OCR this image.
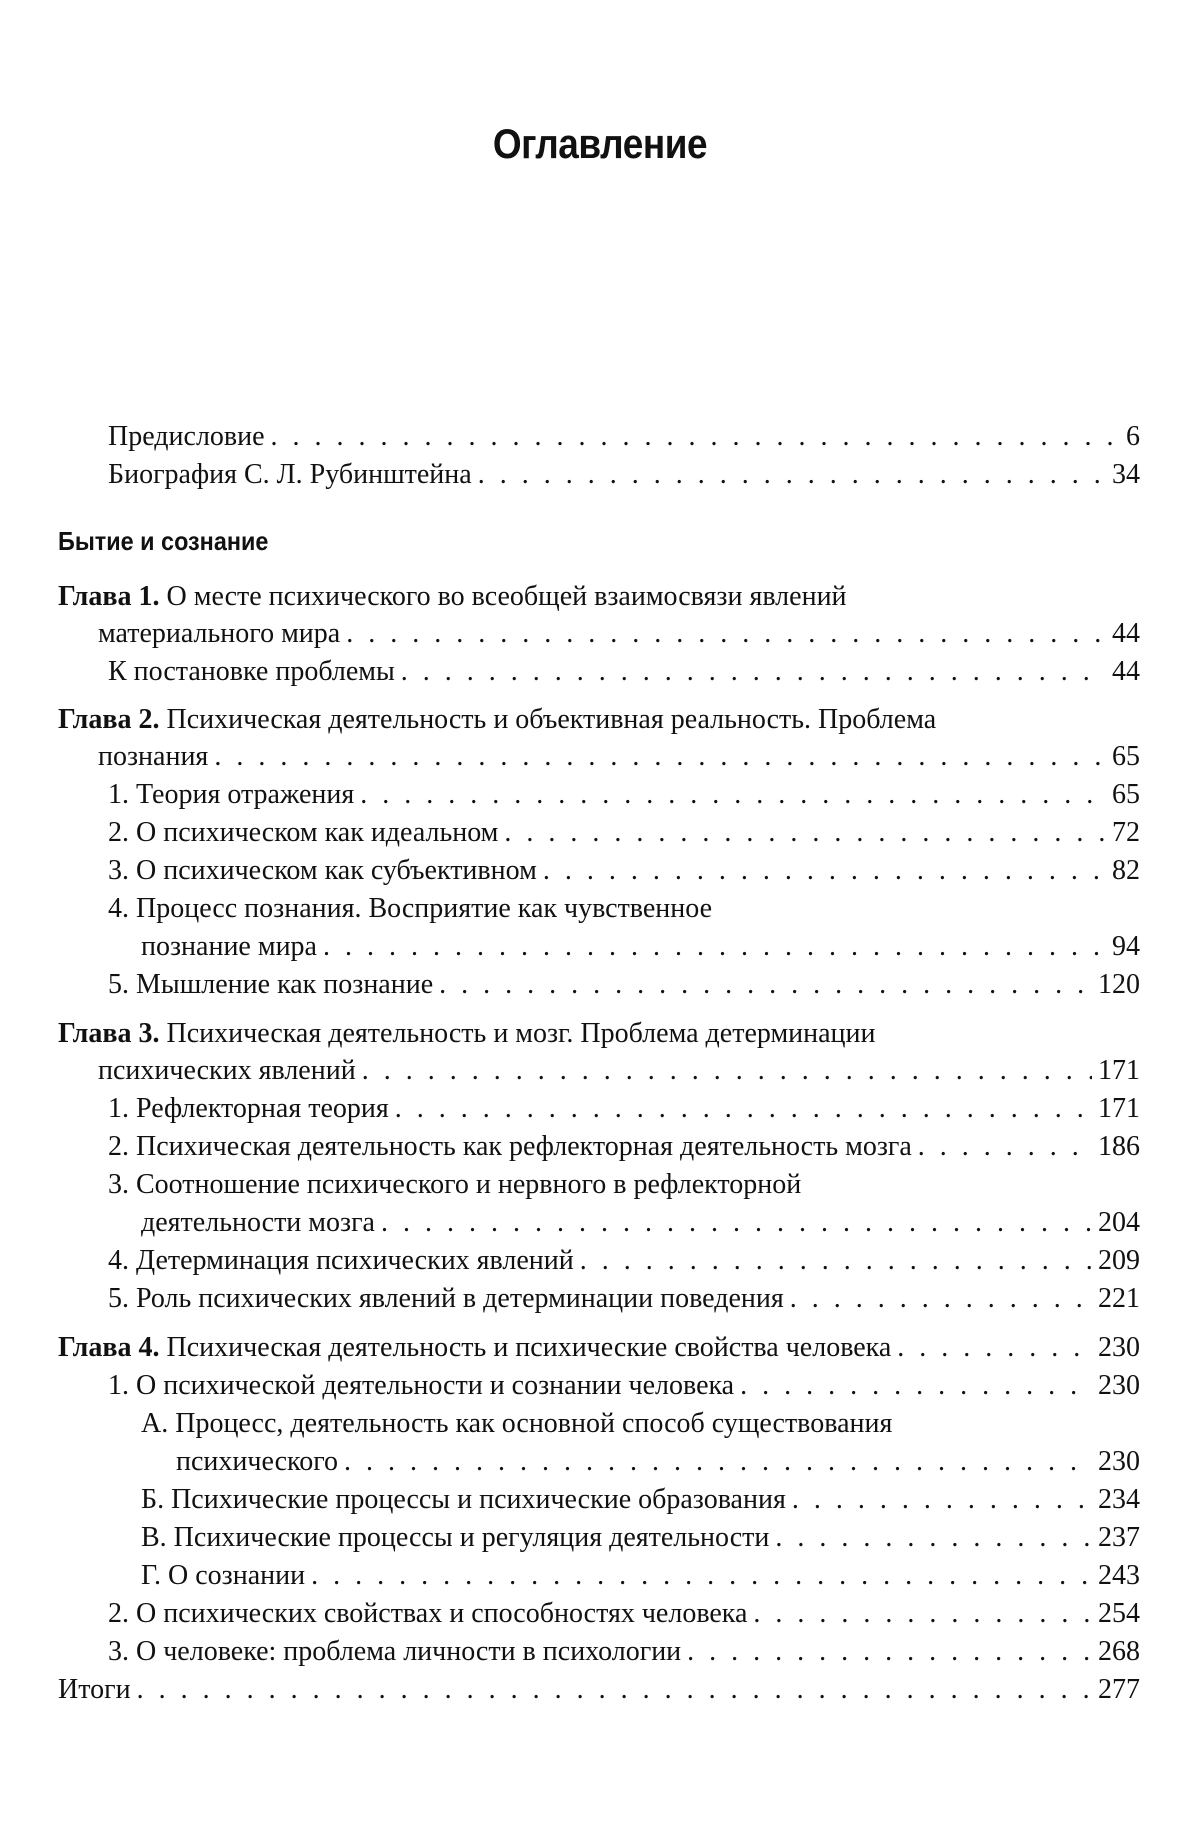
Оглавление
Предисловие . . .	6
Биография С. Л. Рубинштейна . . .	34
Бытие и сознание
Глава 1. О месте психического во всеобщей взаимосвязи явлений
материального мира . . .	44
К постановке проблемы . . .	44
Глава 2. Психическая деятельность и объективная реальность. Проблема
познания . . .	65
1. Теория отражения . . .	65
2. О психическом как идеальном . . .	72
3. О психическом как субъективном . . .	82
4. Процесс познания. Восприятие как чувственное
познание мира . . .	94
5. Мышление как познание . . .	120
Глава 3. Психическая деятельность и мозг. Проблема детерминации
психических явлений . . .	171
1. Рефлекторная теория . . .	171
2. Психическая деятельность как рефлекторная деятельность мозга . . .	186
3. Соотношение психического и нервного в рефлекторной
деятельности мозга . . .	204
4. Детерминация психических явлений . . .	209
5. Роль психических явлений в детерминации поведения . . .	221
Глава 4. Психическая деятельность и психические свойства человека . . .	230
1. О психической деятельности и сознании человека . . .	230
А. Процесс, деятельность как основной способ существования
психического . . .	230
Б. Психические процессы и психические образования . . .	234
В. Психические процессы и регуляция деятельности . . .	237
Г. О сознании . . .	243
2. О психических свойствах и способностях человека . . .	254
3. О человеке: проблема личности в психологии . . .	268
Итоги . . .	277
